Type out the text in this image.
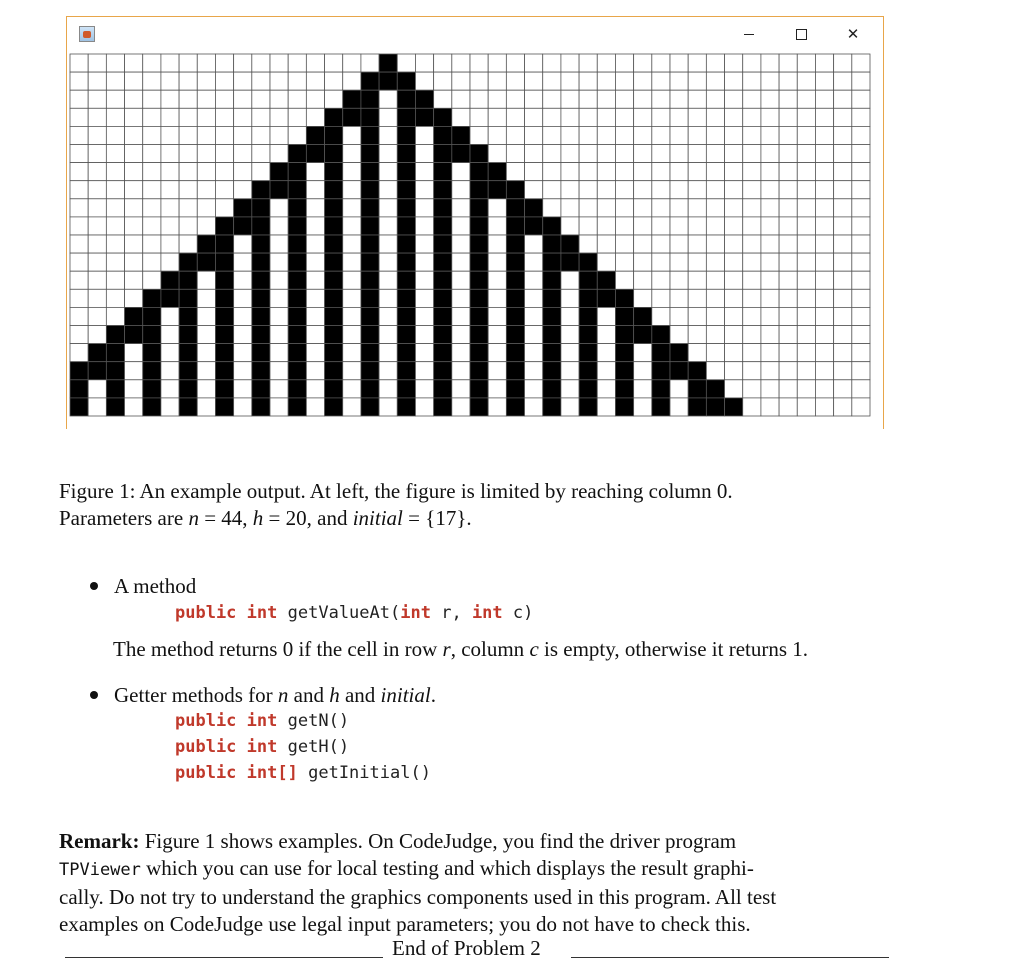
✕
Figure 1: An example output. At left, the figure is limited by reaching column 0.
Parameters are n = 44, h = 20, and initial = {17}.
A method
public int getValueAt(int r, int c)
The method returns 0 if the cell in row r, column c is empty, otherwise it returns 1.
Getter methods for n and h and initial.
public int getN()
public int getH()
public int[] getInitial()
Remark: Figure 1 shows examples. On CodeJudge, you find the driver program
TPViewer which you can use for local testing and which displays the result graphi-
cally. Do not try to understand the graphics components used in this program. All test
examples on CodeJudge use legal input parameters; you do not have to check this.
End of Problem 2
